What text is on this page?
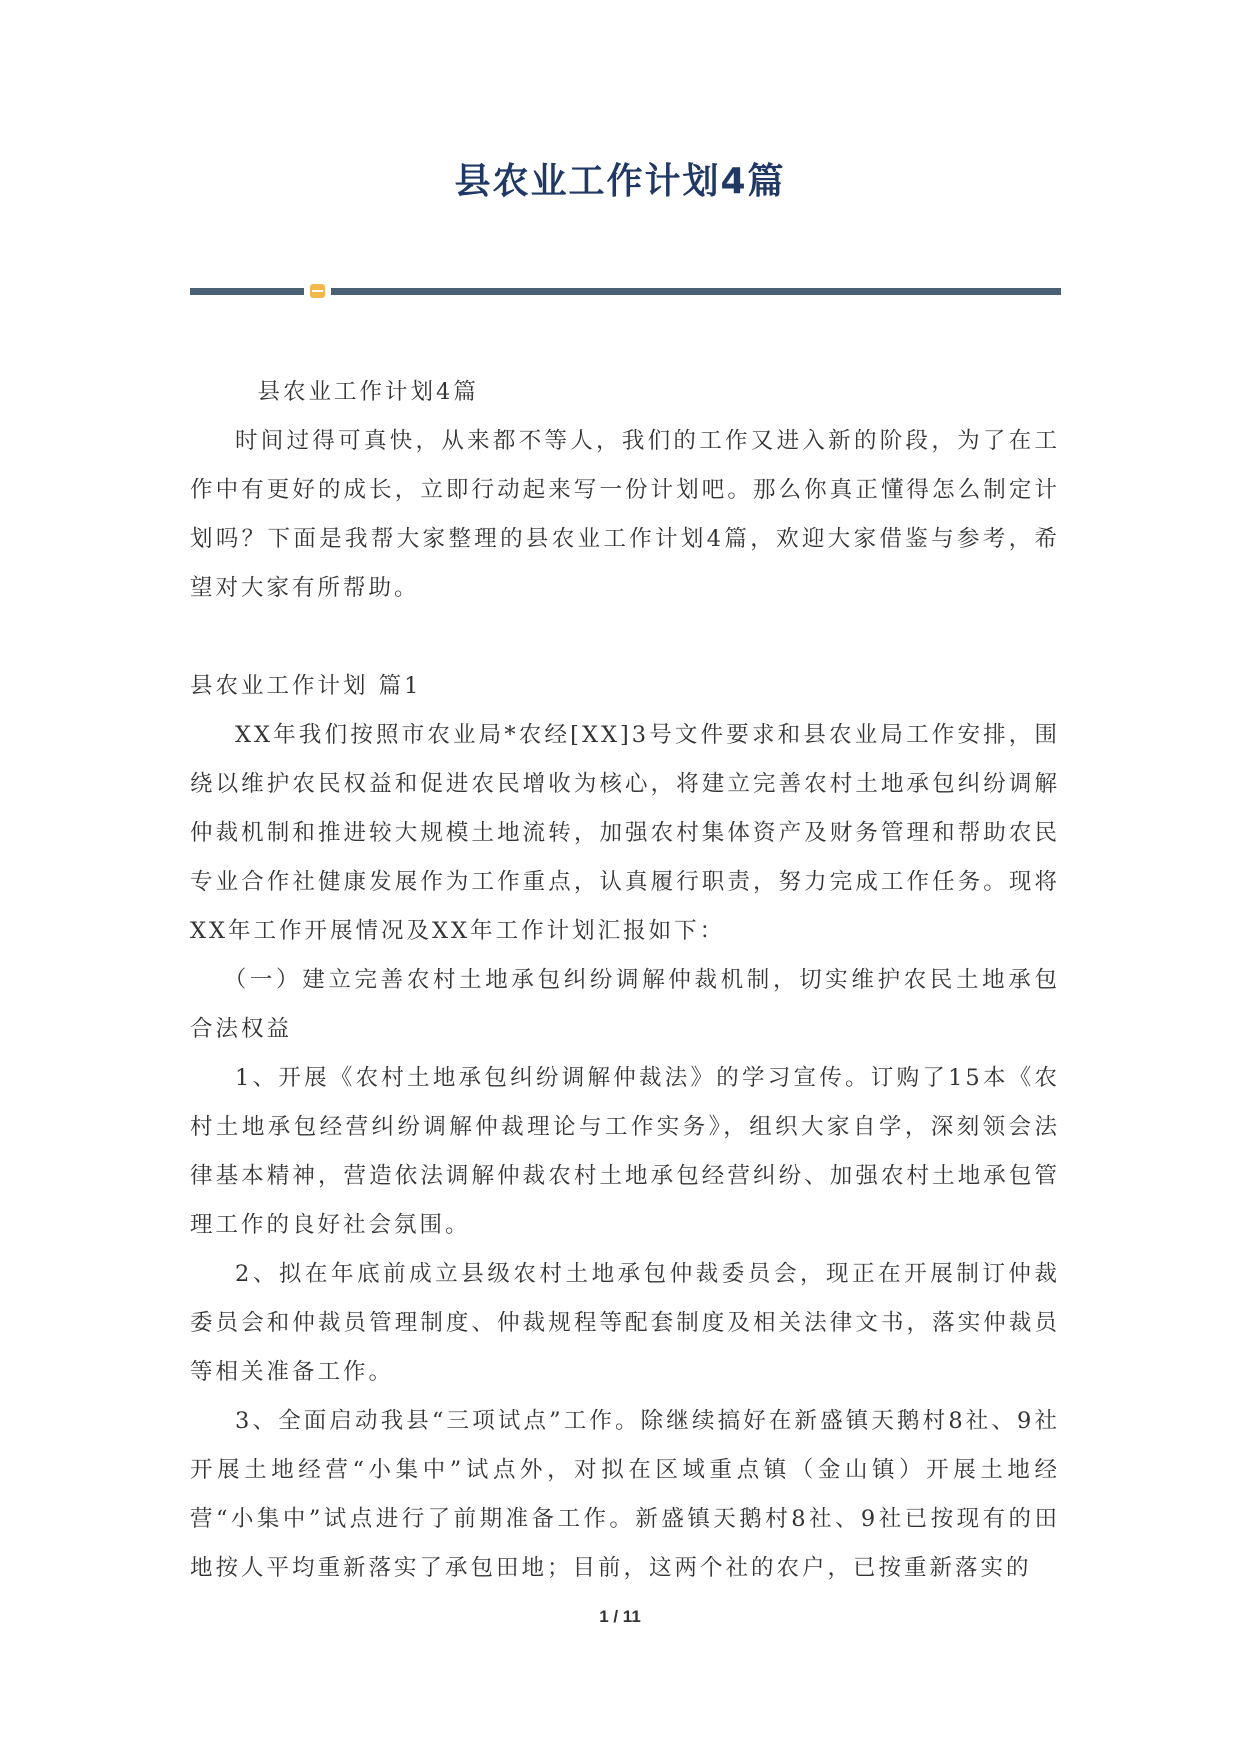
县农业工作计划4篇

县农业工作计划4篇

时间过得可真快，从来都不等人，我们的工作又进入新的阶段，为了在工作中有更好的成长，立即行动起来写一份计划吧。那么你真正懂得怎么制定计划吗？下面是我帮大家整理的县农业工作计划4篇，欢迎大家借鉴与参考，希望对大家有所帮助。

县农业工作计划 篇1

XX年我们按照市农业局*农经[XX]3号文件要求和县农业局工作安排，围绕以维护农民权益和促进农民增收为核心，将建立完善农村土地承包纠纷调解仲裁机制和推进较大规模土地流转，加强农村集体资产及财务管理和帮助农民专业合作社健康发展作为工作重点，认真履行职责，努力完成工作任务。现将XX年工作开展情况及XX年工作计划汇报如下：

（一）建立完善农村土地承包纠纷调解仲裁机制，切实维护农民土地承包合法权益

1、开展《农村土地承包纠纷调解仲裁法》的学习宣传。订购了15本《农村土地承包经营纠纷调解仲裁理论与工作实务》，组织大家自学，深刻领会法律基本精神，营造依法调解仲裁农村土地承包经营纠纷、加强农村土地承包管理工作的良好社会氛围。

2、拟在年底前成立县级农村土地承包仲裁委员会，现正在开展制订仲裁委员会和仲裁员管理制度、仲裁规程等配套制度及相关法律文书，落实仲裁员等相关准备工作。

3、全面启动我县“三项试点”工作。除继续搞好在新盛镇天鹅村8社、9社开展土地经营“小集中”试点外，对拟在区域重点镇（金山镇）开展土地经营“小集中”试点进行了前期准备工作。新盛镇天鹅村8社、9社已按现有的田地按人平均重新落实了承包田地；目前，这两个社的农户，已按重新落实的

1 / 11
